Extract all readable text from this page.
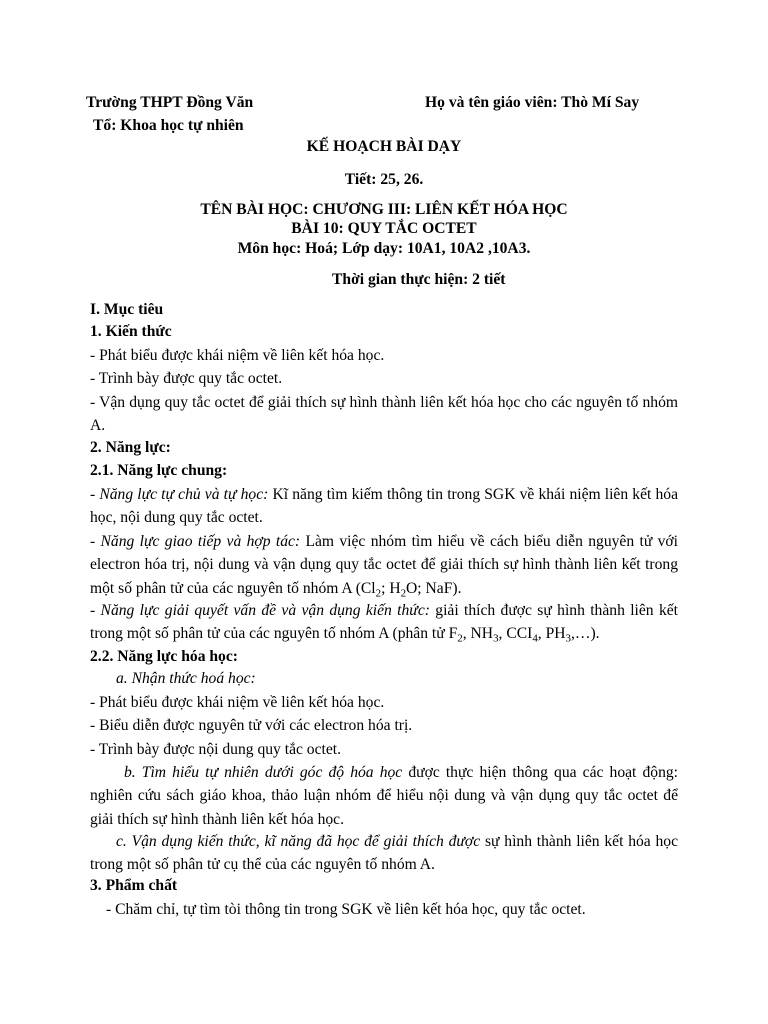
Trường THPT Đồng Văn	Họ và tên giáo viên: Thò Mí Say
Tổ: Khoa học tự nhiên
KẾ HOẠCH BÀI DẠY
Tiết: 25, 26.
TÊN BÀI HỌC: CHƯƠNG III: LIÊN KẾT HÓA HỌC
BÀI 10: QUY TẮC OCTET
Môn học: Hoá; Lớp dạy: 10A1, 10A2 ,10A3.
Thời gian thực hiện: 2 tiết
I. Mục tiêu
1. Kiến thức
- Phát biểu được khái niệm về liên kết hóa học.
- Trình bày được quy tắc octet.
- Vận dụng quy tắc octet để giải thích sự hình thành liên kết hóa học cho các nguyên tố nhóm A.
2. Năng lực:
2.1. Năng lực chung:
- Năng lực tự chủ và tự học: Kĩ năng tìm kiếm thông tin trong SGK về khái niệm liên kết hóa học, nội dung quy tắc octet.
- Năng lực giao tiếp và hợp tác: Làm việc nhóm tìm hiểu về cách biểu diễn nguyên tử với electron hóa trị, nội dung và vận dụng quy tắc octet để giải thích sự hình thành liên kết trong một số phân tử của các nguyên tố nhóm A ($Cl_2$; $H_2O$; NaF).
- Năng lực giải quyết vấn đề và vận dụng kiến thức: giải thích được sự hình thành liên kết trong một số phân tử của các nguyên tố nhóm A (phân tử $F_2$, $NH_3$, $CCI_4$, $PH_3,\dots$).
2.2. Năng lực hóa học:
a. Nhận thức hoá học:
- Phát biểu được khái niệm về liên kết hóa học.
- Biểu diễn được nguyên tử với các electron hóa trị.
- Trình bày được nội dung quy tắc octet.
b. Tìm hiểu tự nhiên dưới góc độ hóa học được thực hiện thông qua các hoạt động: nghiên cứu sách giáo khoa, thảo luận nhóm để hiểu nội dung và vận dụng quy tắc octet để giải thích sự hình thành liên kết hóa học.
c. Vận dụng kiến thức, kĩ năng đã học để giải thích được sự hình thành liên kết hóa học trong một số phân tử cụ thể của các nguyên tố nhóm A.
3. Phẩm chất
- Chăm chỉ, tự tìm tòi thông tin trong SGK về liên kết hóa học, quy tắc octet.
